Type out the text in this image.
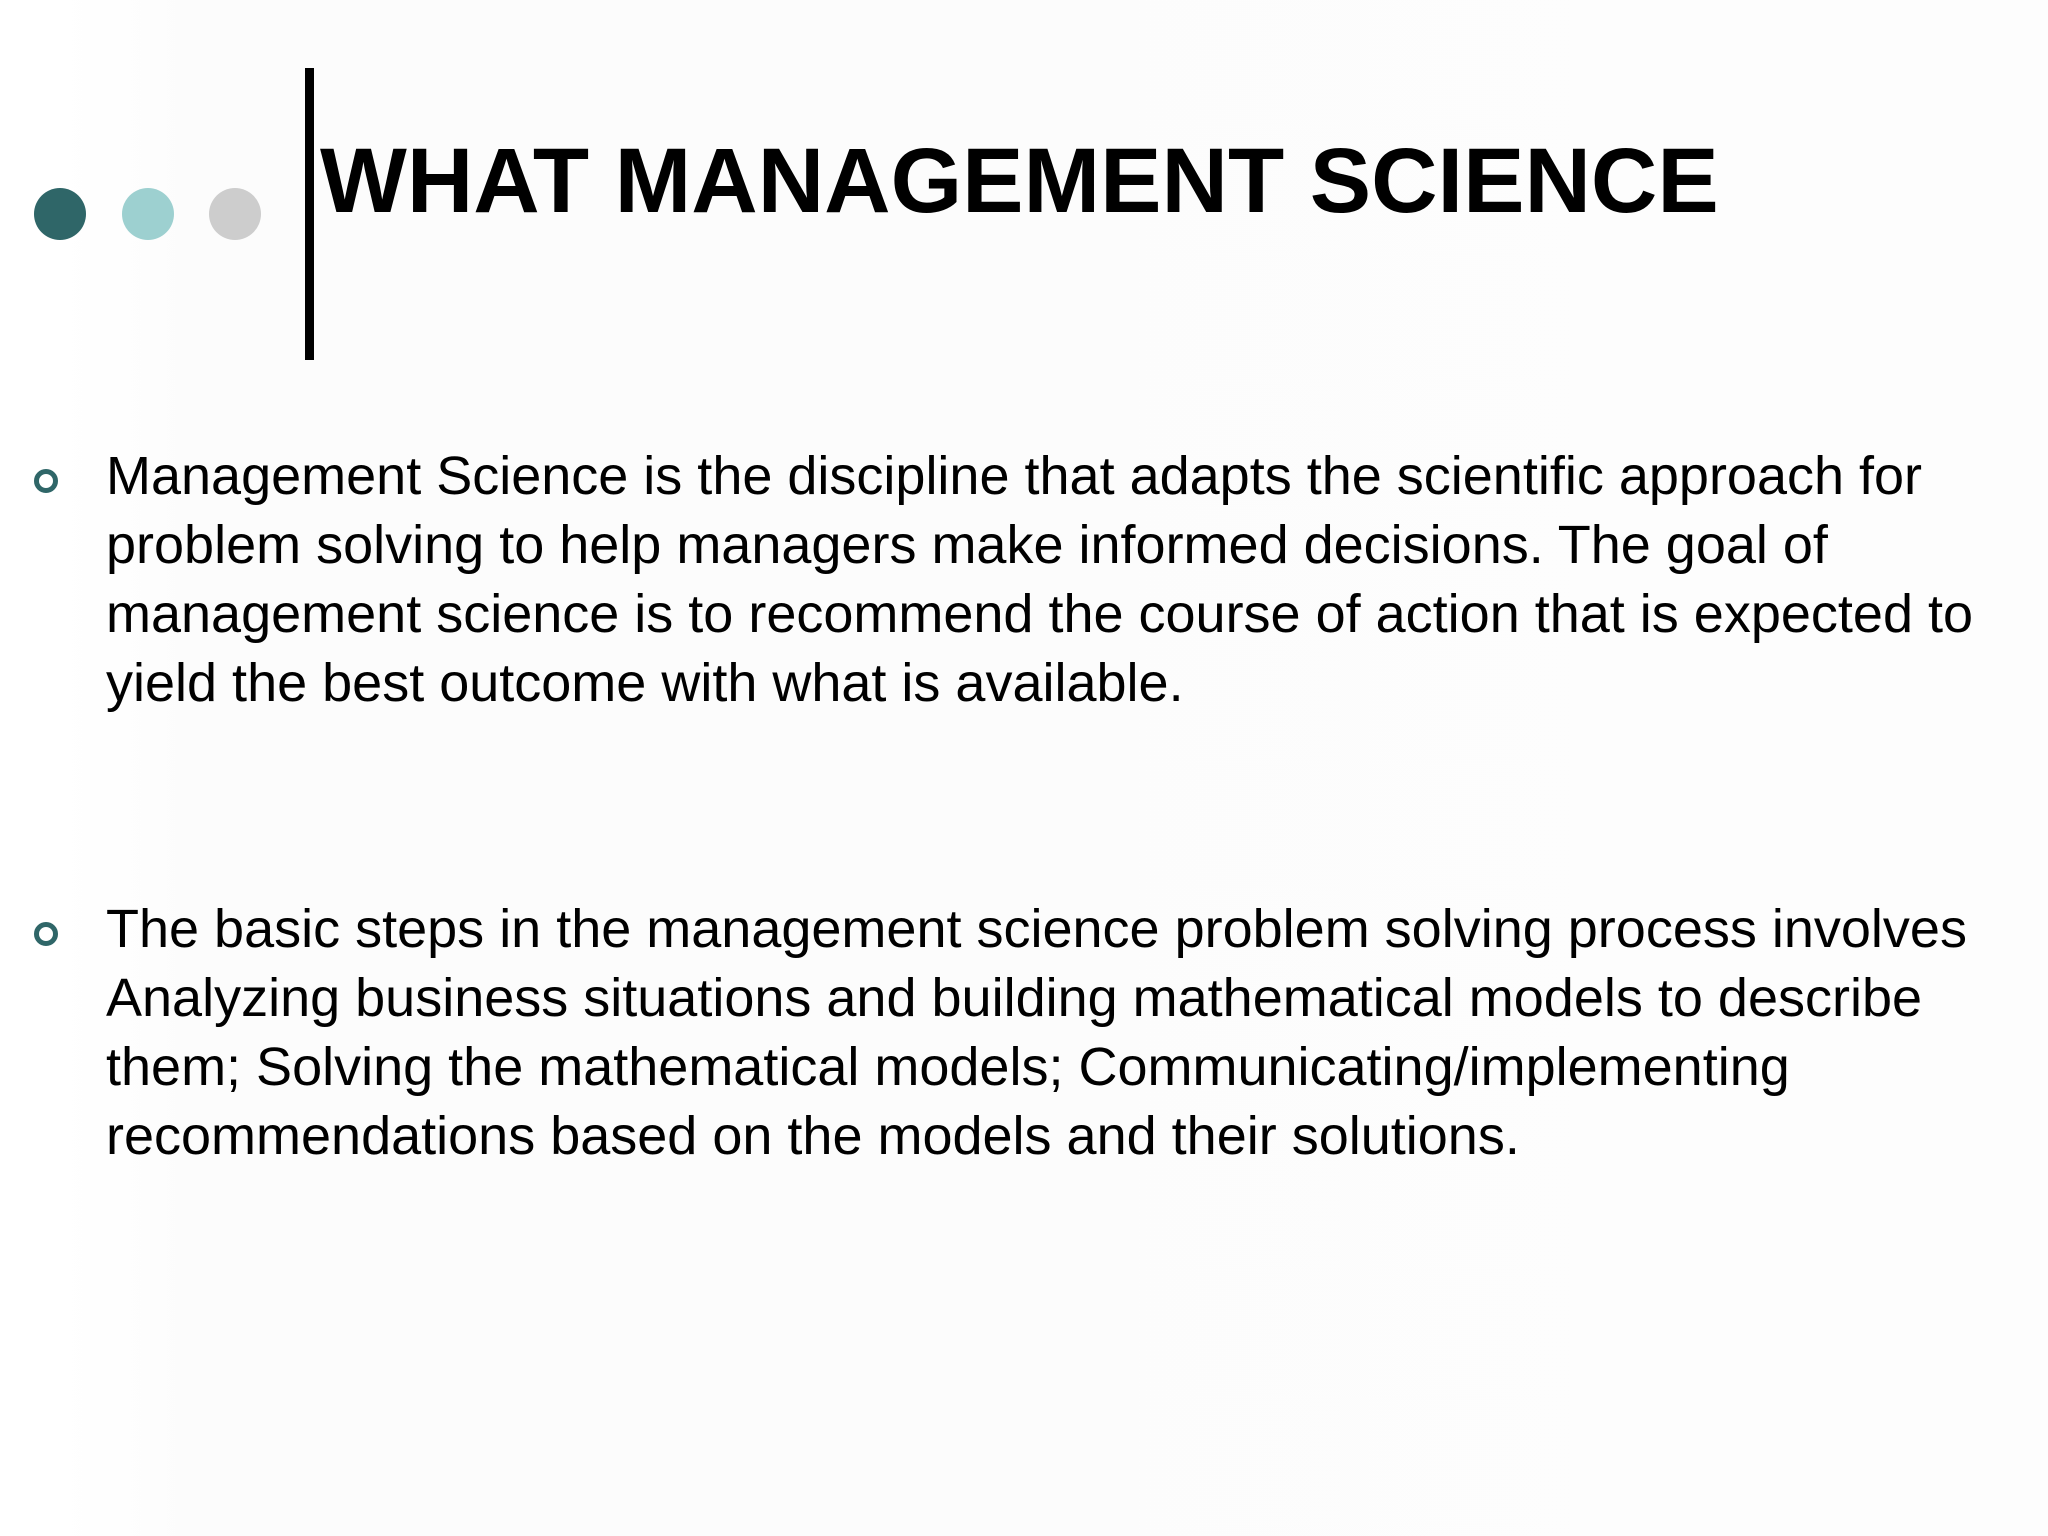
WHAT MANAGEMENT SCIENCE

Management Science is the discipline that adapts the scientific approach for problem solving to help managers make informed decisions. The goal of management science is to recommend the course of action that is expected to yield the best outcome with what is available.

The basic steps in the management science problem solving process involves Analyzing business situations and building mathematical models to describe them; Solving the mathematical models; Communicating/implementing recommendations based on the models and their solutions.
